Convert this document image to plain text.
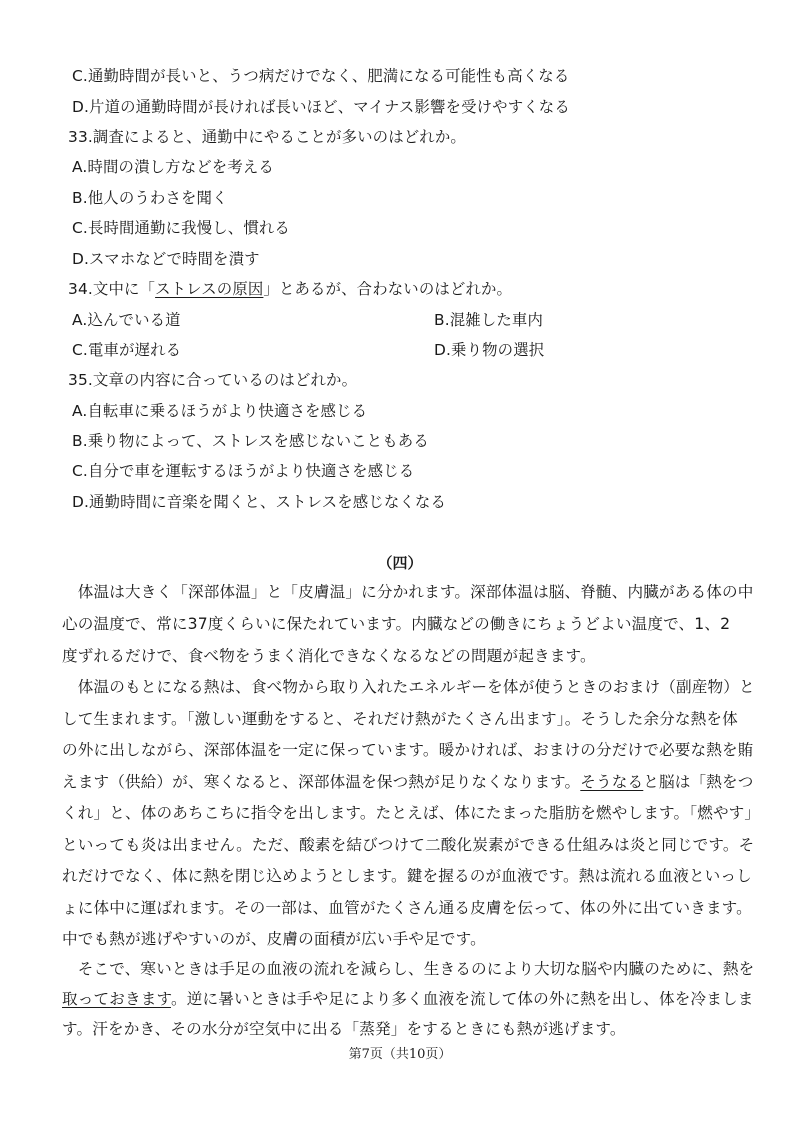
C.通勤時間が長いと、うつ病だけでなく、肥満になる可能性も高くなる
D.片道の通勤時間が長ければ長いほど、マイナス影響を受けやすくなる
33.調査によると、通勤中にやることが多いのはどれか。
A.時間の潰し方などを考える
B.他人のうわさを聞く
C.長時間通勤に我慢し、慣れる
D.スマホなどで時間を潰す
34.文中に「ストレスの原因」とあるが、合わないのはどれか。
A.込んでいる道	B.混雑した車内
C.電車が遅れる	D.乗り物の選択
35.文章の内容に合っているのはどれか。
A.自転車に乗るほうがより快適さを感じる
B.乗り物によって、ストレスを感じないこともある
C.自分で車を運転するほうがより快適さを感じる
D.通勤時間に音楽を聞くと、ストレスを感じなくなる
（四）
　体温は大きく「深部体温」と「皮膚温」に分かれます。深部体温は脳、脊髄、内臓がある体の中
心の温度で、常に37度くらいに保たれています。内臓などの働きにちょうどよい温度で、1、2
度ずれるだけで、食べ物をうまく消化できなくなるなどの問題が起きます。
　体温のもとになる熱は、食べ物から取り入れたエネルギーを体が使うときのおまけ（副産物）と
して生まれます。「激しい運動をすると、それだけ熱がたくさん出ます」。そうした余分な熱を体
の外に出しながら、深部体温を一定に保っています。暖かければ、おまけの分だけで必要な熱を賄
えます（供給）が、寒くなると、深部体温を保つ熱が足りなくなります。そうなると脳は「熱をつ
くれ」と、体のあちこちに指令を出します。たとえば、体にたまった脂肪を燃やします。「燃やす」
といっても炎は出ません。ただ、酸素を結びつけて二酸化炭素ができる仕組みは炎と同じです。そ
れだけでなく、体に熱を閉じ込めようとします。鍵を握るのが血液です。熱は流れる血液といっし
ょに体中に運ばれます。その一部は、血管がたくさん通る皮膚を伝って、体の外に出ていきます。
中でも熱が逃げやすいのが、皮膚の面積が広い手や足です。
　そこで、寒いときは手足の血液の流れを減らし、生きるのにより大切な脳や内臓のために、熱を
取っておきます。逆に暑いときは手や足により多く血液を流して体の外に熱を出し、体を冷ましま
す。汗をかき、その水分が空気中に出る「蒸発」をするときにも熱が逃げます。
第7页（共10页）
